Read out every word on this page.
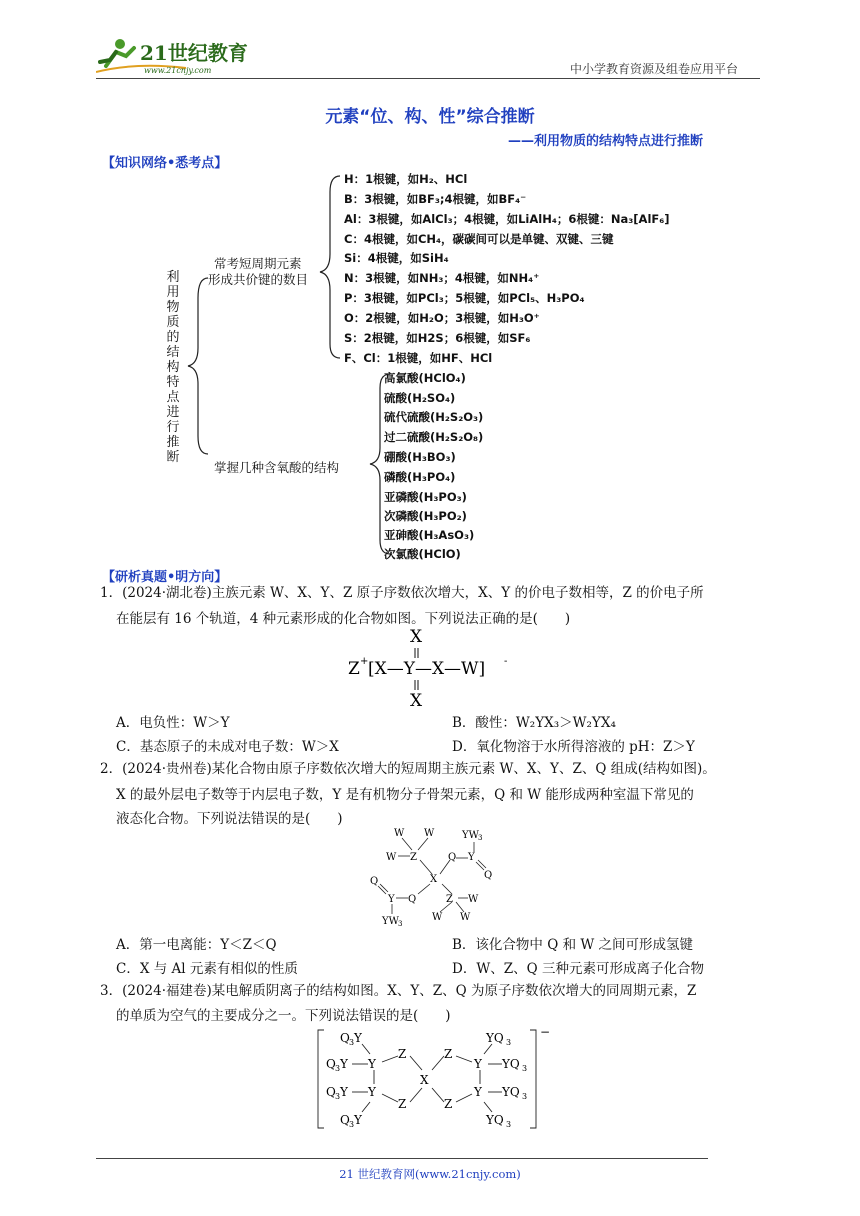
21世纪教育
www.21cnjy.com	中小学教育资源及组卷应用平台
元素“位、构、性”综合推断
——利用物质的结构特点进行推断
【知识网络•悉考点】
利用物质的结构特点进行推断
常考短周期元素
形成共价键的数目
掌握几种含氧酸的结构
H：1根键，如H₂、HCl
B：3根键，如BF₃;4根键，如BF₄⁻
Al：3根键，如AlCl₃；4根键，如LiAlH₄；6根键：Na₃[AlF₆]
C：4根键，如CH₄，碳碳间可以是单键、双键、三键
Si：4根键，如SiH₄
N：3根键，如NH₃；4根键，如NH₄⁺
P：3根键，如PCl₃；5根键，如PCl₅、H₃PO₄
O：2根键，如H₂O；3根键，如H₃O⁺
S：2根键，如H2S；6根键，如SF₆
F、Cl：1根键，如HF、HCl
高氯酸(HClO₄)
硫酸(H₂SO₄)
硫代硫酸(H₂S₂O₃)
过二硫酸(H₂S₂O₈)
硼酸(H₃BO₃)
磷酸(H₃PO₄)
亚磷酸(H₃PO₃)
次磷酸(H₃PO₂)
亚砷酸(H₃AsO₃)
次氯酸(HClO)
【研析真题•明方向】
1．(2024·湖北卷)主族元素 W、X、Y、Z 原子序数依次增大，X、Y 的价电子数相等，Z 的价电子所
在能层有 16 个轨道，4 种元素形成的化合物如图。下列说法正确的是(　　)
X
Z + [X—Y—X—W] -
X
A．电负性：W＞Y	B．酸性：W₂YX₃＞W₂YX₄
C．基态原子的未成对电子数：W＞X	D．氧化物溶于水所得溶液的 pH：Z＞Y
2．(2024·贵州卷)某化合物由原子序数依次增大的短周期主族元素 W、X、Y、Z、Q 组成(结构如图)。
X 的最外层电子数等于内层电子数，Y 是有机物分子骨架元素，Q 和 W 能形成两种室温下常见的
液态化合物。下列说法错误的是(　　)
W W
W Z
YW 3
Q Y
Q
X
Q
Q
Y	Z W
YW 3
W W
A．第一电离能：Y＜Z＜Q	B．该化合物中 Q 和 W 之间可形成氢键
C．X 与 Al 元素有相似的性质	D．W、Z、Q 三种元素可形成离子化合物
3．(2024·福建卷)某电解质阴离子的结构如图。X、Y、Z、Q 为原子序数依次增大的同周期元素，Z
的单质为空气的主要成分之一。下列说法错误的是(　　)
Q 3 Y
Q 3 Y Y
Q 3 Y Y
Q 3 Y
Z
Z
X
Z
Z
Y
Y
YQ 3
YQ 3
YQ 3
YQ 3
−
21 世纪教育网(www.21cnjy.com)
